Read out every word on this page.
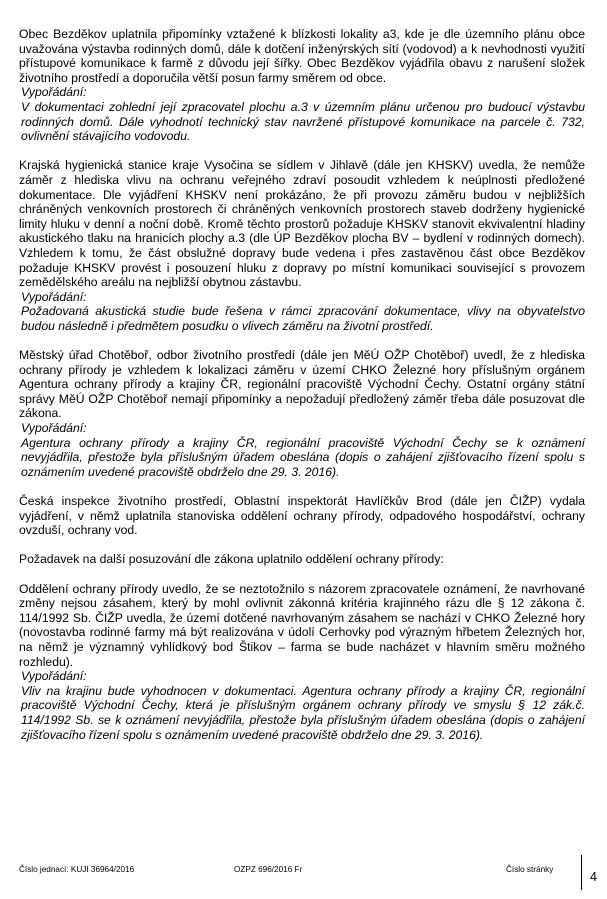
Obec Bezděkov uplatnila připomínky vztažené k blízkosti lokality a3, kde je dle územního plánu obce uvažována výstavba rodinných domů, dále k dotčení inženýrských sítí (vodovod) a k nevhodnosti využití přístupové komunikace k farmě z důvodu její šířky. Obec Bezděkov vyjádřila obavu z narušení složek životního prostředí a doporučila větší posun farmy směrem od obce.

Vypořádání:

V dokumentaci zohlední její zpracovatel plochu a.3 v územním plánu určenou pro budoucí výstavbu rodinných domů. Dále vyhodnotí technický stav navržené přístupové komunikace na parcele č. 732, ovlivnění stávajícího vodovodu.

Krajská hygienická stanice kraje Vysočina se sídlem v Jihlavě (dále jen KHSKV) uvedla, že nemůže záměr z hlediska vlivu na ochranu veřejného zdraví posoudit vzhledem k neúplnosti předložené dokumentace. Dle vyjádření KHSKV není prokázáno, že při provozu záměru budou v nejbližších chráněných venkovních prostorech či chráněných venkovních prostorech staveb dodrženy hygienické limity hluku v denní a noční době. Kromě těchto prostorů požaduje KHSKV stanovit ekvivalentní hladiny akustického tlaku na hranicích plochy a.3 (dle ÚP Bezděkov plocha BV – bydlení v rodinných domech). Vzhledem k tomu, že část obslužné dopravy bude vedena i přes zastavěnou část obce Bezděkov požaduje KHSKV provést i posouzení hluku z dopravy po místní komunikaci související s provozem zemědělského areálu na nejbližší obytnou zástavbu.

Vypořádání:

Požadovaná akustická studie bude řešena v rámci zpracování dokumentace, vlivy na obyvatelstvo budou následně i předmětem posudku o vlivech záměru na životní prostředí.

Městský úřad Chotěboř, odbor životního prostředí (dále jen MěÚ OŽP Chotěboř) uvedl, že z hlediska ochrany přírody je vzhledem k lokalizaci záměru v území CHKO Železné hory příslušným orgánem Agentura ochrany přírody a krajiny ČR, regionální pracoviště Východní Čechy. Ostatní orgány státní správy MěÚ OŽP Chotěboř nemají připomínky a nepožadují předložený záměr třeba dále posuzovat dle zákona.

Vypořádání:

Agentura ochrany přírody a krajiny ČR, regionální pracoviště Východní Čechy se k oznámení nevyjádřila, přestože byla příslušným úřadem obeslána (dopis o zahájení zjišťovacího řízení spolu s oznámením uvedené pracoviště obdrželo dne 29. 3. 2016).

Česká inspekce životního prostředí, Oblastní inspektorát Havlíčkův Brod (dále jen ČIŽP) vydala vyjádření, v němž uplatnila stanoviska oddělení ochrany přírody, odpadového hospodářství, ochrany ovzduší, ochrany vod.

Požadavek na další posuzování dle zákona uplatnilo oddělení ochrany přírody:

Oddělení ochrany přírody uvedlo, že se neztotožnilo s názorem zpracovatele oznámení, že navrhované změny nejsou zásahem, který by mohl ovlivnit zákonná kritéria krajinného rázu dle § 12 zákona č. 114/1992 Sb. ČIŽP uvedla, že území dotčené navrhovaným zásahem se nachází v CHKO Železné hory (novostavba rodinné farmy má být realizována v údolí Cerhovky pod výrazným hřbetem Železných hor, na němž je významný vyhlídkový bod Štikov – farma se bude nacházet v hlavním směru možného rozhledu).

Vypořádání:

Vliv na krajinu bude vyhodnocen v dokumentaci. Agentura ochrany přírody a krajiny ČR, regionální pracoviště Východní Čechy, která je příslušným orgánem ochrany přírody ve smyslu § 12 zák.č. 114/1992 Sb. se k oznámení nevyjádřila, přestože byla příslušným úřadem obeslána (dopis o zahájení zjišťovacího řízení spolu s oznámením uvedené pracoviště obdrželo dne 29. 3. 2016).

Číslo jednací: KUJI 36964/2016	OZPZ 696/2016 Fr	Číslo stránky
4
